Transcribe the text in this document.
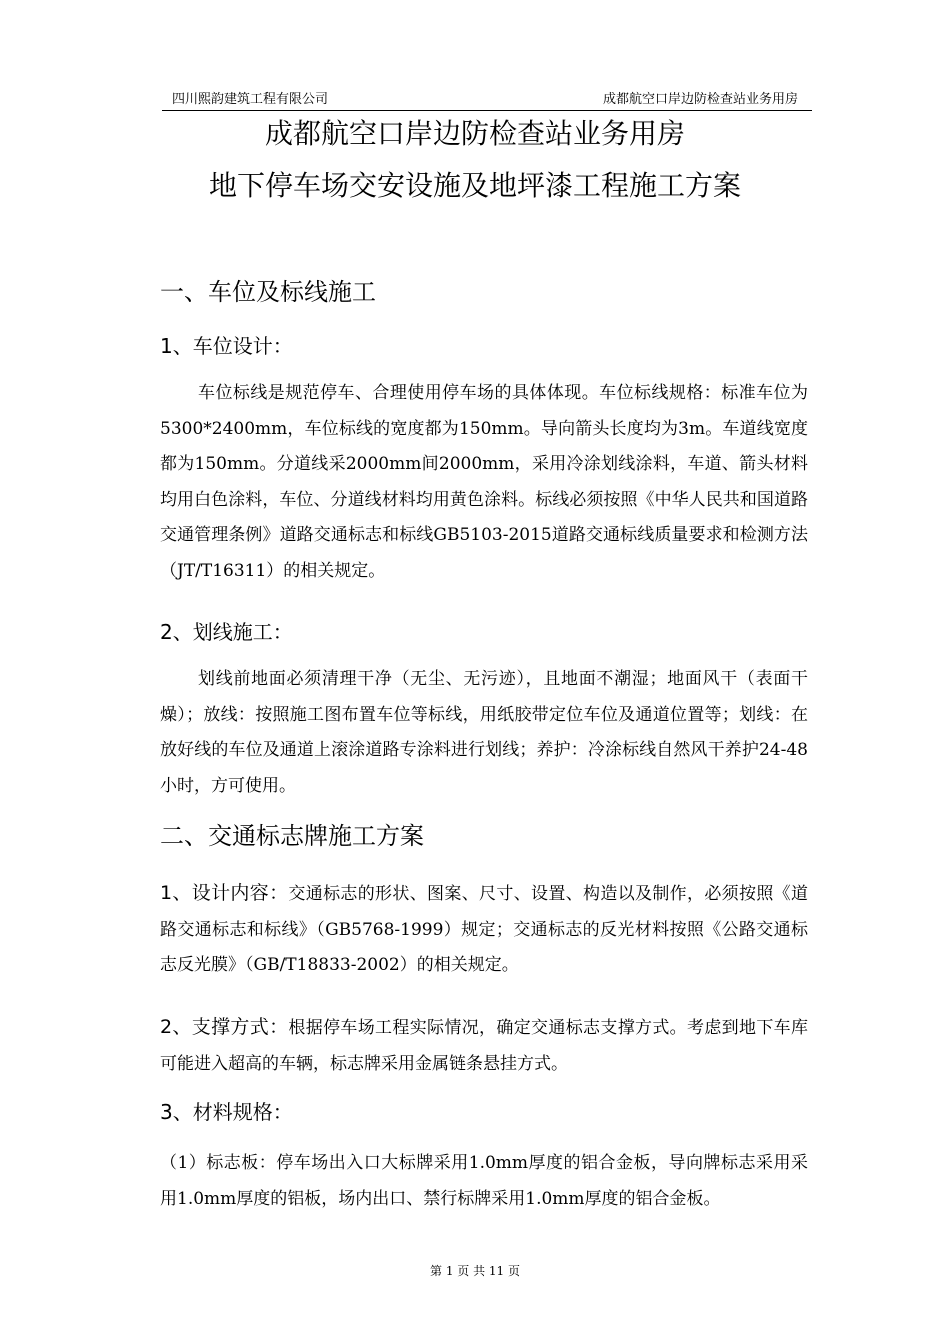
四川熙韵建筑工程有限公司	成都航空口岸边防检查站业务用房
成都航空口岸边防检查站业务用房
地下停车场交安设施及地坪漆工程施工方案
一、车位及标线施工
1、车位设计：
车位标线是规范停车、合理使用停车场的具体体现。车位标线规格：标准车位为5300*2400mm，车位标线的宽度都为150mm。导向箭头长度均为3m。车道线宽度都为150mm。分道线采2000mm间2000mm，采用冷涂划线涂料，车道、箭头材料均用白色涂料，车位、分道线材料均用黄色涂料。标线必须按照《中华人民共和国道路交通管理条例》道路交通标志和标线GB5103-2015道路交通标线质量要求和检测方法（JT/T16311）的相关规定。
2、划线施工：
划线前地面必须清理干净（无尘、无污迹），且地面不潮湿；地面风干（表面干燥）；放线：按照施工图布置车位等标线，用纸胶带定位车位及通道位置等；划线：在放好线的车位及通道上滚涂道路专涂料进行划线；养护：冷涂标线自然风干养护24-48小时，方可使用。
二、交通标志牌施工方案
1、设计内容：交通标志的形状、图案、尺寸、设置、构造以及制作，必须按照《道路交通标志和标线》（GB5768-1999）规定；交通标志的反光材料按照《公路交通标志反光膜》（GB/T18833-2002）的相关规定。
2、支撑方式：根据停车场工程实际情况，确定交通标志支撑方式。考虑到地下车库可能进入超高的车辆，标志牌采用金属链条悬挂方式。
3、材料规格：
（1）标志板：停车场出入口大标牌采用1.0mm厚度的铝合金板，导向牌标志采用采用1.0mm厚度的铝板，场内出口、禁行标牌采用1.0mm厚度的铝合金板。
第 1 页 共 11 页
